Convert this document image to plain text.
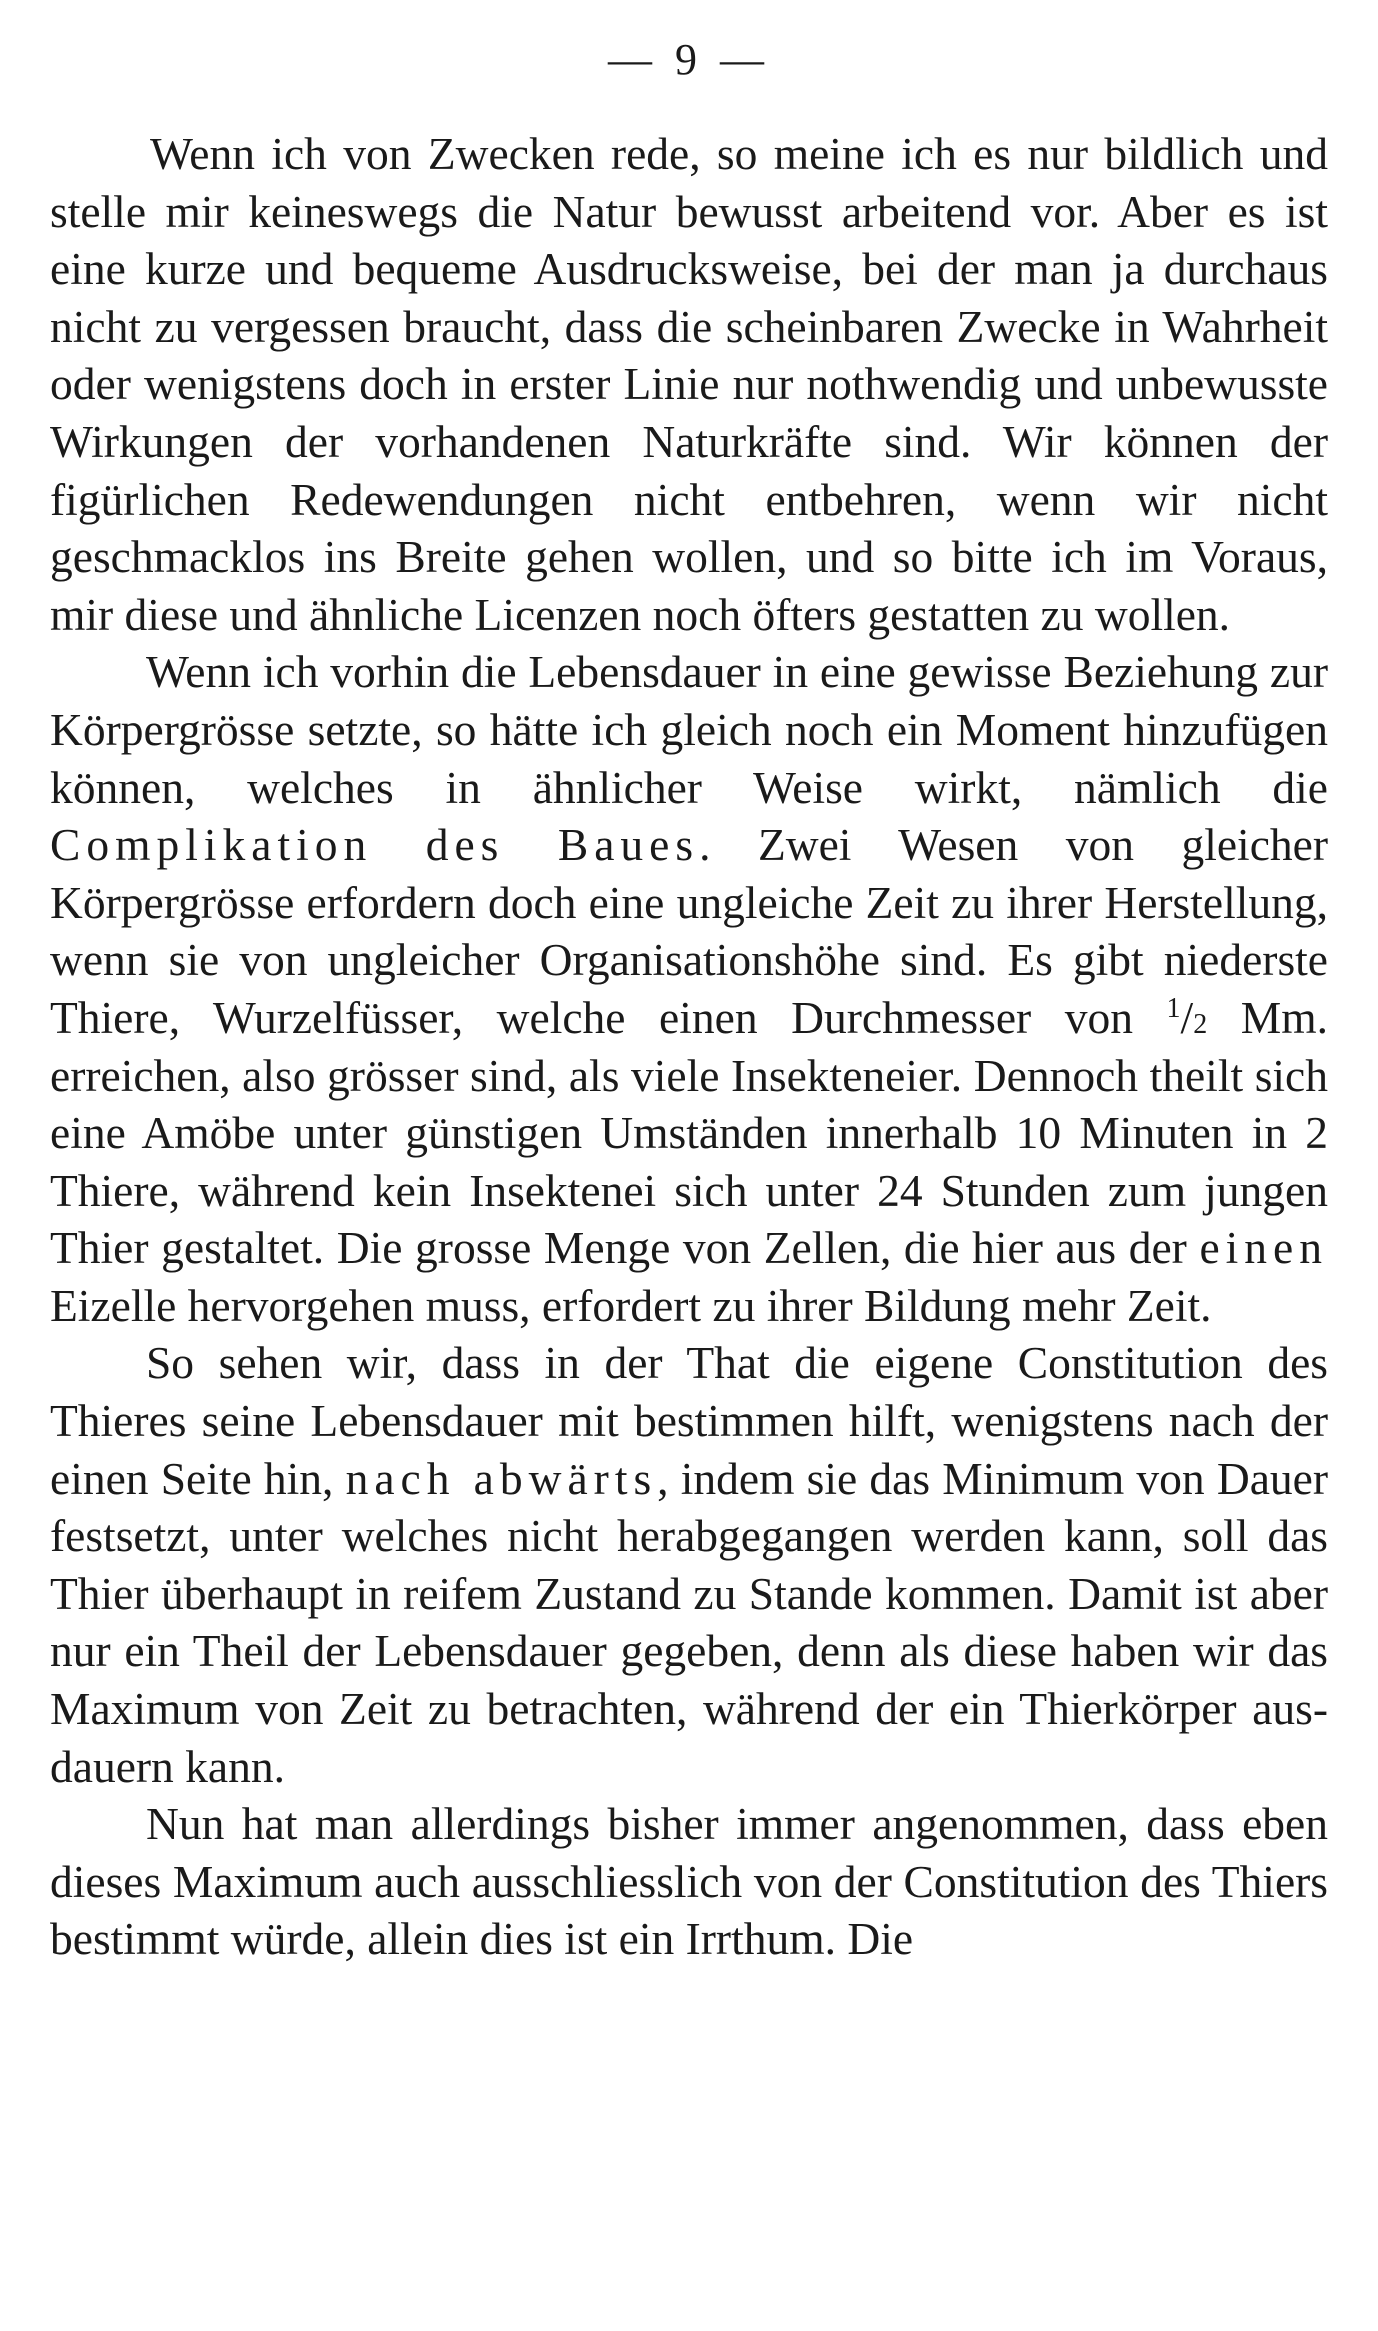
— 9 —

Wenn ich von Zwecken rede, so meine ich es nur bildlich und stelle mir keineswegs die Natur bewusst arbeitend vor. Aber es ist eine kurze und bequeme Ausdrucksweise, bei der man ja durchaus nicht zu vergessen braucht, dass die scheinbaren Zwecke in Wahrheit oder wenigstens doch in erster Linie nur nothwendig und unbewusste Wirkungen der vorhandenen Naturkräfte sind. Wir können der figürlichen Redewendungen nicht entbehren, wenn wir nicht geschmacklos ins Breite gehen wollen, und so bitte ich im Voraus, mir diese und ähnliche Licenzen noch öfters gestatten zu wollen.

Wenn ich vorhin die Lebensdauer in eine gewisse Beziehung zur Körpergrösse setzte, so hätte ich gleich noch ein Moment hinzufügen können, welches in ähnlicher Weise wirkt, nämlich die Complikation des Baues. Zwei Wesen von gleicher Körpergrösse erfordern doch eine ungleiche Zeit zu ihrer Herstellung, wenn sie von ungleicher Organisationshöhe sind. Es gibt niederste Thiere, Wurzelfüsser, welche einen Durchmesser von $^1$/2 Mm. erreichen, also grösser sind, als viele Insekteneier. Dennoch theilt sich eine Amöbe unter günstigen Umständen innerhalb 10 Minuten in 2 Thiere, während kein Insektenei sich unter 24 Stunden zum jungen Thier gestaltet. Die grosse Menge von Zellen, die hier aus der einen Eizelle hervorgehen muss, erfordert zu ihrer Bildung mehr Zeit.

So sehen wir, dass in der That die eigene Constitution des Thieres seine Lebensdauer mit bestimmen hilft, wenigstens nach der einen Seite hin, nach abwärts, indem sie das Minimum von Dauer festsetzt, unter welches nicht herabgegangen werden kann, soll das Thier überhaupt in reifem Zustand zu Stande kommen. Damit ist aber nur ein Theil der Lebensdauer gegeben, denn als diese haben wir das Maximum von Zeit zu betrachten, während der ein Thierkörper ausdauern kann.

Nun hat man allerdings bisher immer angenommen, dass eben dieses Maximum auch ausschliesslich von der Constitution des Thiers bestimmt würde, allein dies ist ein Irrthum. Die
